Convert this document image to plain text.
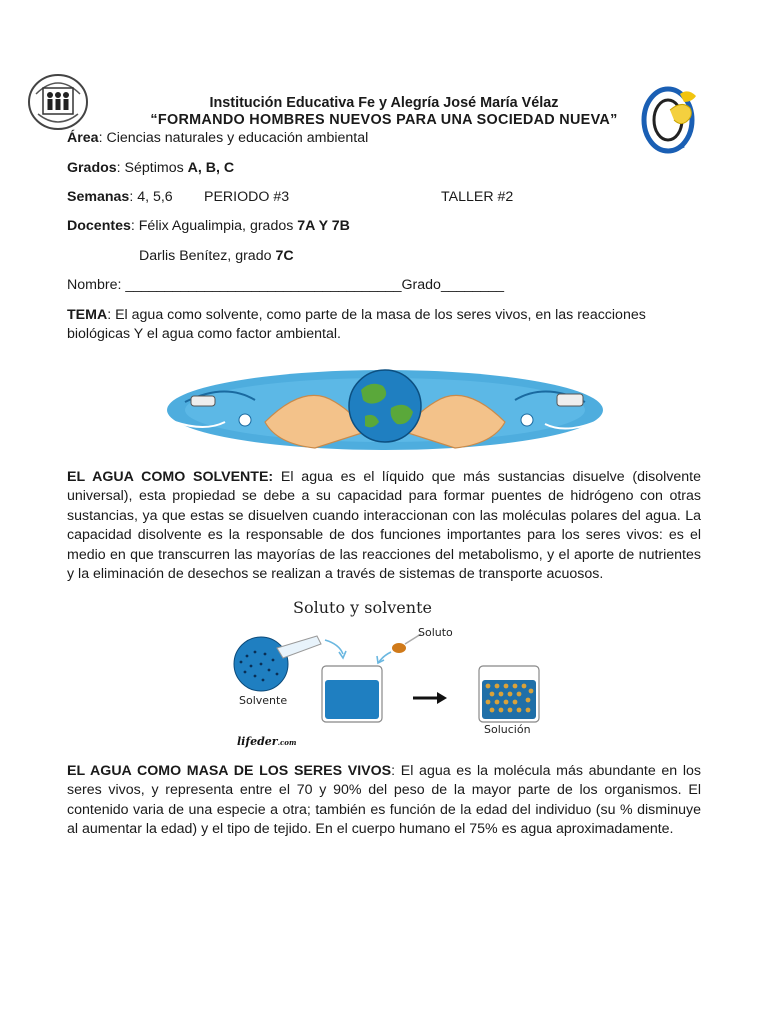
Institución Educativa Fe y Alegría José María Vélaz
“FORMANDO HOMBRES NUEVOS PARA UNA SOCIEDAD NUEVA”
Área: Ciencias naturales y educación ambiental
Grados: Séptimos A, B, C
Semanas: 4, 5,6 PERIODO #3	TALLER #2
Docentes: Félix Agualimpia, grados 7A Y 7B
Darlis Benítez, grado 7C
Nombre: ___________________________________Grado________
TEMA: El agua como solvente, como parte de la masa de los seres vivos, en las reacciones biológicas Y el agua como factor ambiental.
EL AGUA COMO SOLVENTE: El agua es el líquido que más sustancias disuelve (disolvente universal), esta propiedad se debe a su capacidad para formar puentes de hidrógeno con otras sustancias, ya que estas se disuelven cuando interaccionan con las moléculas polares del agua. La capacidad disolvente es la responsable de dos funciones importantes para los seres vivos: es el medio en que transcurren las mayorías de las reacciones del metabolismo, y el aporte de nutrientes y la eliminación de desechos se realizan a través de sistemas de transporte acuosos.
Soluto y solvente
Solvente
Soluto
Solución
lifeder.com
EL AGUA COMO MASA DE LOS SERES VIVOS: El agua es la molécula más abundante en los seres vivos, y representa entre el 70 y 90% del peso de la mayor parte de los organismos. El contenido varia de una especie a otra; también es función de la edad del individuo (su % disminuye al aumentar la edad) y el tipo de tejido. En el cuerpo humano el 75% es agua aproximadamente.
